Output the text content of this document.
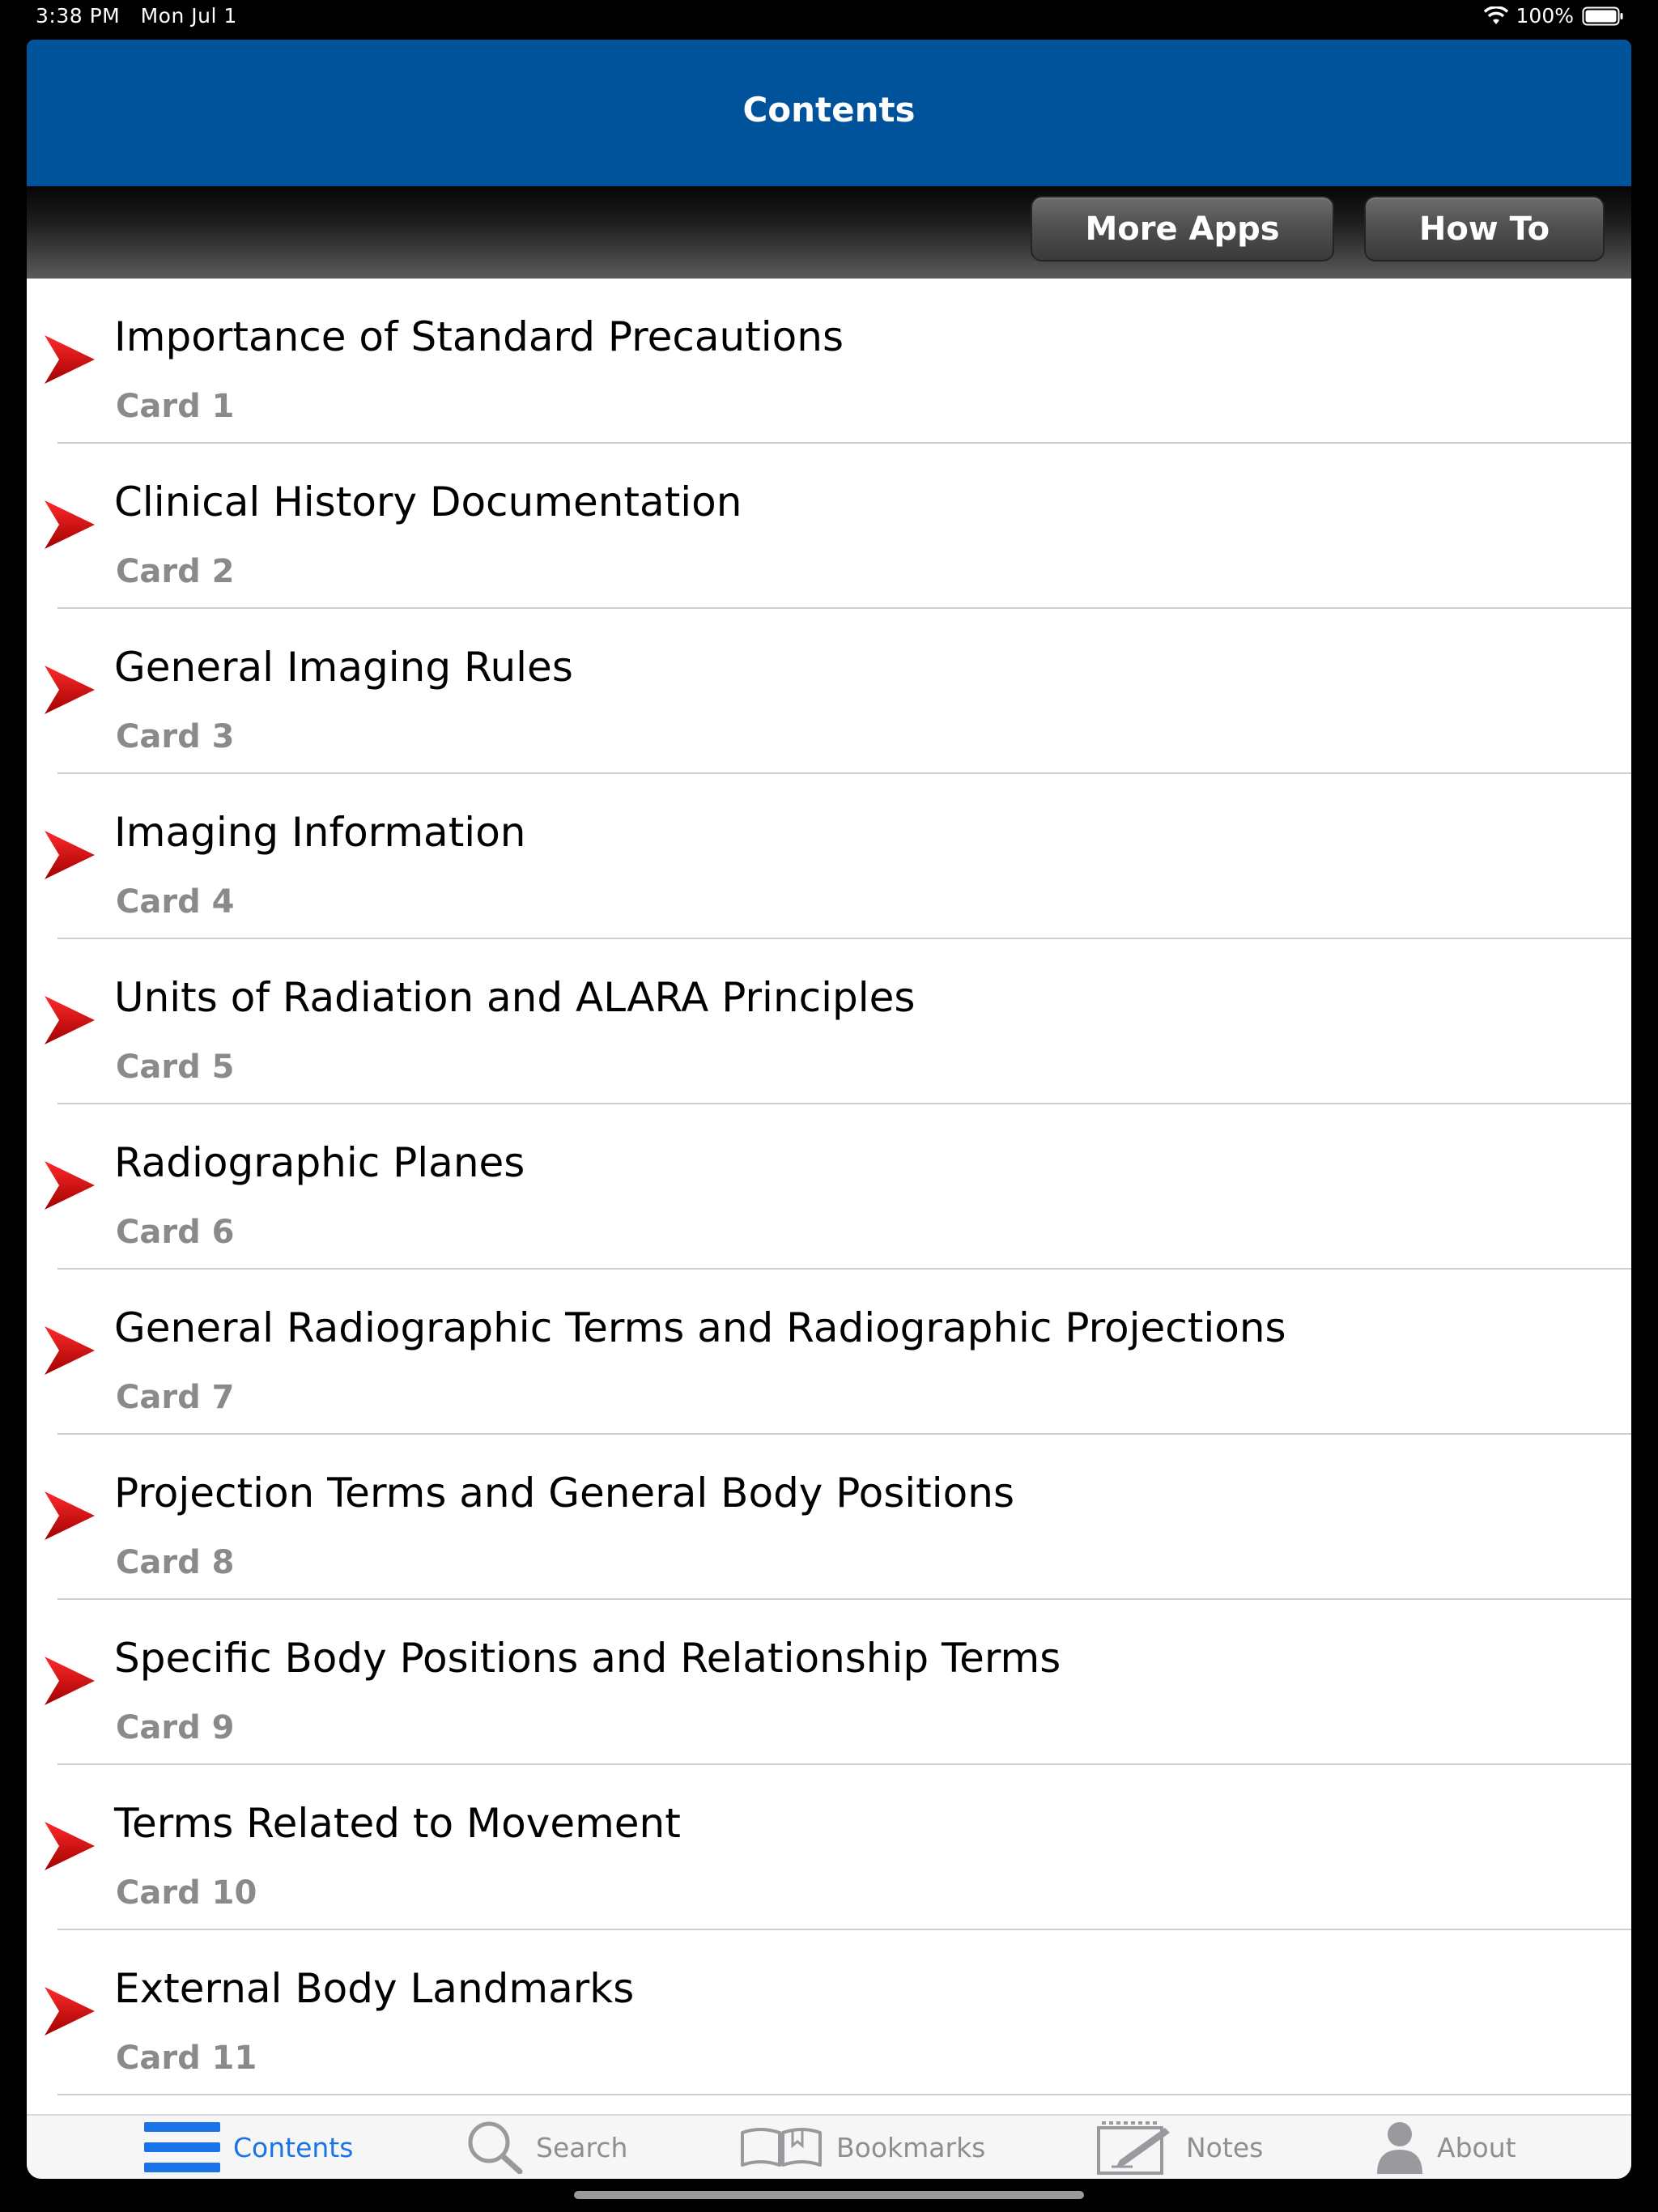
3:38 PM Mon Jul 1	100%
Contents
More Apps	How To
Importance of Standard Precautions
Card 1
Clinical History Documentation
Card 2
General Imaging Rules
Card 3
Imaging Information
Card 4
Units of Radiation and ALARA Principles
Card 5
Radiographic Planes
Card 6
General Radiographic Terms and Radiographic Projections
Card 7
Projection Terms and General Body Positions
Card 8
Specific Body Positions and Relationship Terms
Card 9
Terms Related to Movement
Card 10
External Body Landmarks
Card 11
Contents	Search	Bookmarks	Notes	About
